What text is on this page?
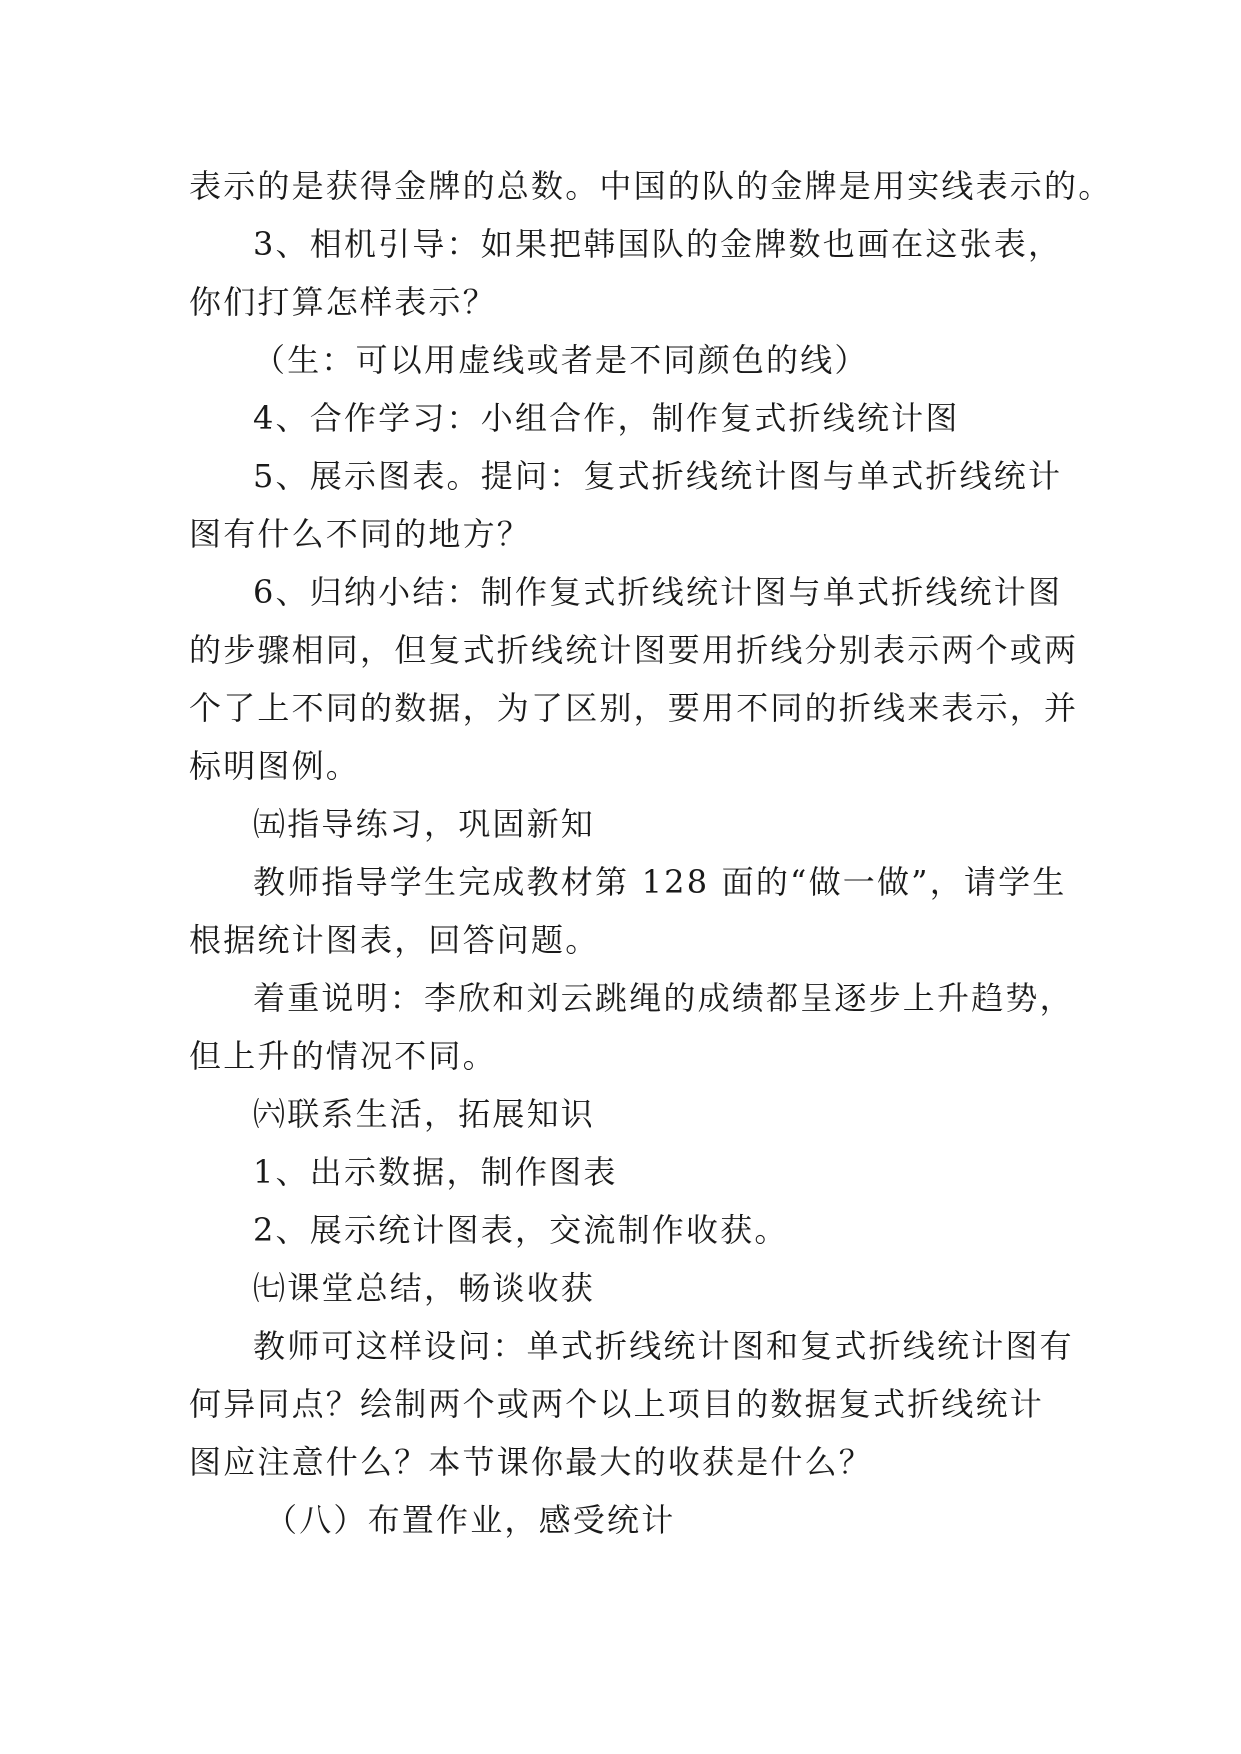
表示的是获得金牌的总数。中国的队的金牌是用实线表示的。
3、相机引导：如果把韩国队的金牌数也画在这张表，
你们打算怎样表示？
（生：可以用虚线或者是不同颜色的线）
4、合作学习：小组合作，制作复式折线统计图
5、展示图表。提问：复式折线统计图与单式折线统计
图有什么不同的地方？
6、归纳小结：制作复式折线统计图与单式折线统计图
的步骤相同，但复式折线统计图要用折线分别表示两个或两
个了上不同的数据，为了区别，要用不同的折线来表示，并
标明图例。
㈤指导练习，巩固新知
教师指导学生完成教材第 128 面的“做一做”，请学生
根据统计图表，回答问题。
着重说明：李欣和刘云跳绳的成绩都呈逐步上升趋势，
但上升的情况不同。
㈥联系生活，拓展知识
1、出示数据，制作图表
2、展示统计图表，交流制作收获。
㈦课堂总结，畅谈收获
教师可这样设问：单式折线统计图和复式折线统计图有
何异同点？绘制两个或两个以上项目的数据复式折线统计
图应注意什么？本节课你最大的收获是什么？
（八）布置作业，感受统计
